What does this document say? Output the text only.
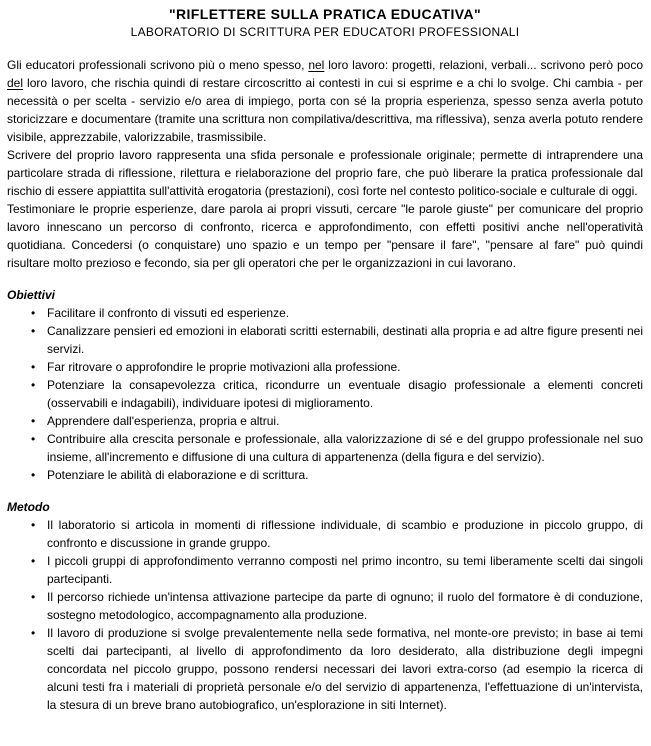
"RIFLETTERE SULLA PRATICA EDUCATIVA"
LABORATORIO DI SCRITTURA PER EDUCATORI PROFESSIONALI

Gli educatori professionali scrivono più o meno spesso, nel loro lavoro: progetti, relazioni, verbali... scrivono però poco del loro lavoro, che rischia quindi di restare circoscritto ai contesti in cui si esprime e a chi lo svolge. Chi cambia - per necessità o per scelta - servizio e/o area di impiego, porta con sé la propria esperienza, spesso senza averla potuto storicizzare e documentare (tramite una scrittura non compilativa/descrittiva, ma riflessiva), senza averla potuto rendere visibile, apprezzabile, valorizzabile, trasmissibile.

Scrivere del proprio lavoro rappresenta una sfida personale e professionale originale; permette di intraprendere una particolare strada di riflessione, rilettura e rielaborazione del proprio fare, che può liberare la pratica professionale dal rischio di essere appiattita sull'attività erogatoria (prestazioni), così forte nel contesto politico-sociale e culturale di oggi.

Testimoniare le proprie esperienze, dare parola ai propri vissuti, cercare "le parole giuste" per comunicare del proprio lavoro innescano un percorso di confronto, ricerca e approfondimento, con effetti positivi anche nell'operatività quotidiana. Concedersi (o conquistare) uno spazio e un tempo per "pensare il fare", "pensare al fare" può quindi risultare molto prezioso e fecondo, sia per gli operatori che per le organizzazioni in cui lavorano.

Obiettivi
• Facilitare il confronto di vissuti ed esperienze.
• Canalizzare pensieri ed emozioni in elaborati scritti esternabili, destinati alla propria e ad altre figure presenti nei servizi.
• Far ritrovare o approfondire le proprie motivazioni alla professione.
• Potenziare la consapevolezza critica, ricondurre un eventuale disagio professionale a elementi concreti (osservabili e indagabili), individuare ipotesi di miglioramento.
• Apprendere dall'esperienza, propria e altrui.
• Contribuire alla crescita personale e professionale, alla valorizzazione di sé e del gruppo professionale nel suo insieme, all'incremento e diffusione di una cultura di appartenenza (della figura e del servizio).
• Potenziare le abilità di elaborazione e di scrittura.
Metodo
• Il laboratorio si articola in momenti di riflessione individuale, di scambio e produzione in piccolo gruppo, di confronto e discussione in grande gruppo.
• I piccoli gruppi di approfondimento verranno composti nel primo incontro, su temi liberamente scelti dai singoli partecipanti.
• Il percorso richiede un'intensa attivazione partecipe da parte di ognuno; il ruolo del formatore è di conduzione, sostegno metodologico, accompagnamento alla produzione.
• Il lavoro di produzione si svolge prevalentemente nella sede formativa, nel monte-ore previsto; in base ai temi scelti dai partecipanti, al livello di approfondimento da loro desiderato, alla distribuzione degli impegni concordata nel piccolo gruppo, possono rendersi necessari dei lavori extra-corso (ad esempio la ricerca di alcuni testi fra i materiali di proprietà personale e/o del servizio di appartenenza, l'effettuazione di un'intervista, la stesura di un breve brano autobiografico, un'esplorazione in siti Internet).
